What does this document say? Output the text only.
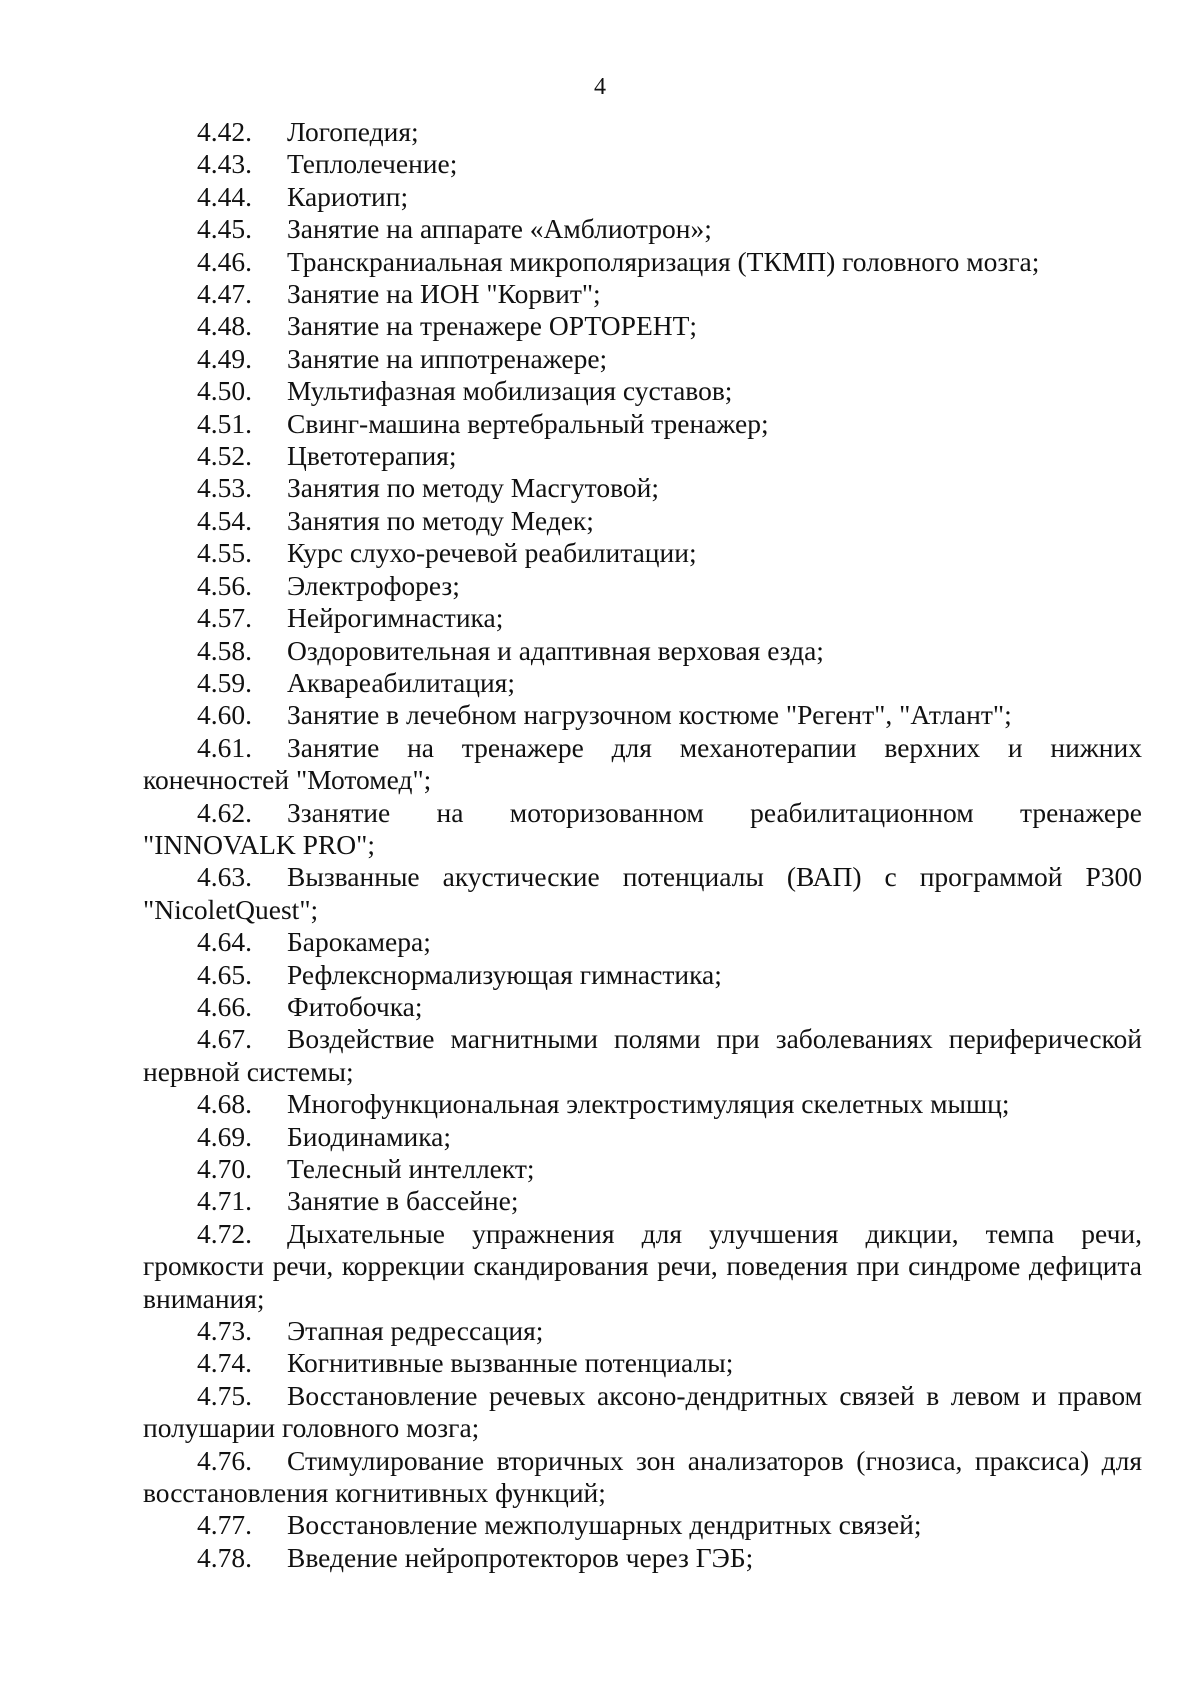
4

4.42. Логопедия;

4.43. Теплолечение;

4.44. Кариотип;

4.45. Занятие на аппарате «Амблиотрон»;

4.46. Транскраниальная микрополяризация (ТКМП) головного мозга;

4.47. Занятие на ИОН "Корвит";

4.48. Занятие на тренажере ОРТОРЕНТ;

4.49. Занятие на иппотренажере;

4.50. Мультифазная мобилизация суставов;

4.51. Свинг-машина вертебральный тренажер;

4.52. Цветотерапия;

4.53. Занятия по методу Масгутовой;

4.54. Занятия по методу Медек;

4.55. Курс слухо-речевой реабилитации;

4.56. Электрофорез;

4.57. Нейрогимнастика;

4.58. Оздоровительная и адаптивная верховая езда;

4.59. Аквареабилитация;

4.60. Занятие в лечебном нагрузочном костюме "Регент", "Атлант";

4.61. Занятие на тренажере для механотерапии верхних и нижних конечностей "Мотомед";

4.62. Ззанятие на моторизованном реабилитационном тренажере "INNOVALK PRO";

4.63. Вызванные акустические потенциалы (ВАП) с программой Р300 "NicoletQuest";

4.64. Барокамера;

4.65. Рефлекснормализующая гимнастика;

4.66. Фитобочка;

4.67. Воздействие магнитными полями при заболеваниях периферической нервной системы;

4.68. Многофункциональная электростимуляция скелетных мышц;

4.69. Биодинамика;

4.70. Телесный интеллект;

4.71. Занятие в бассейне;

4.72. Дыхательные упражнения для улучшения дикции, темпа речи, громкости речи, коррекции скандирования речи, поведения при синдроме дефицита внимания;

4.73. Этапная редрессация;

4.74. Когнитивные вызванные потенциалы;

4.75. Восстановление речевых аксоно-дендритных связей в левом и правом полушарии головного мозга;

4.76. Стимулирование вторичных зон анализаторов (гнозиса, праксиса) для восстановления когнитивных функций;

4.77. Восстановление межполушарных дендритных связей;

4.78. Введение нейропротекторов через ГЭБ;
